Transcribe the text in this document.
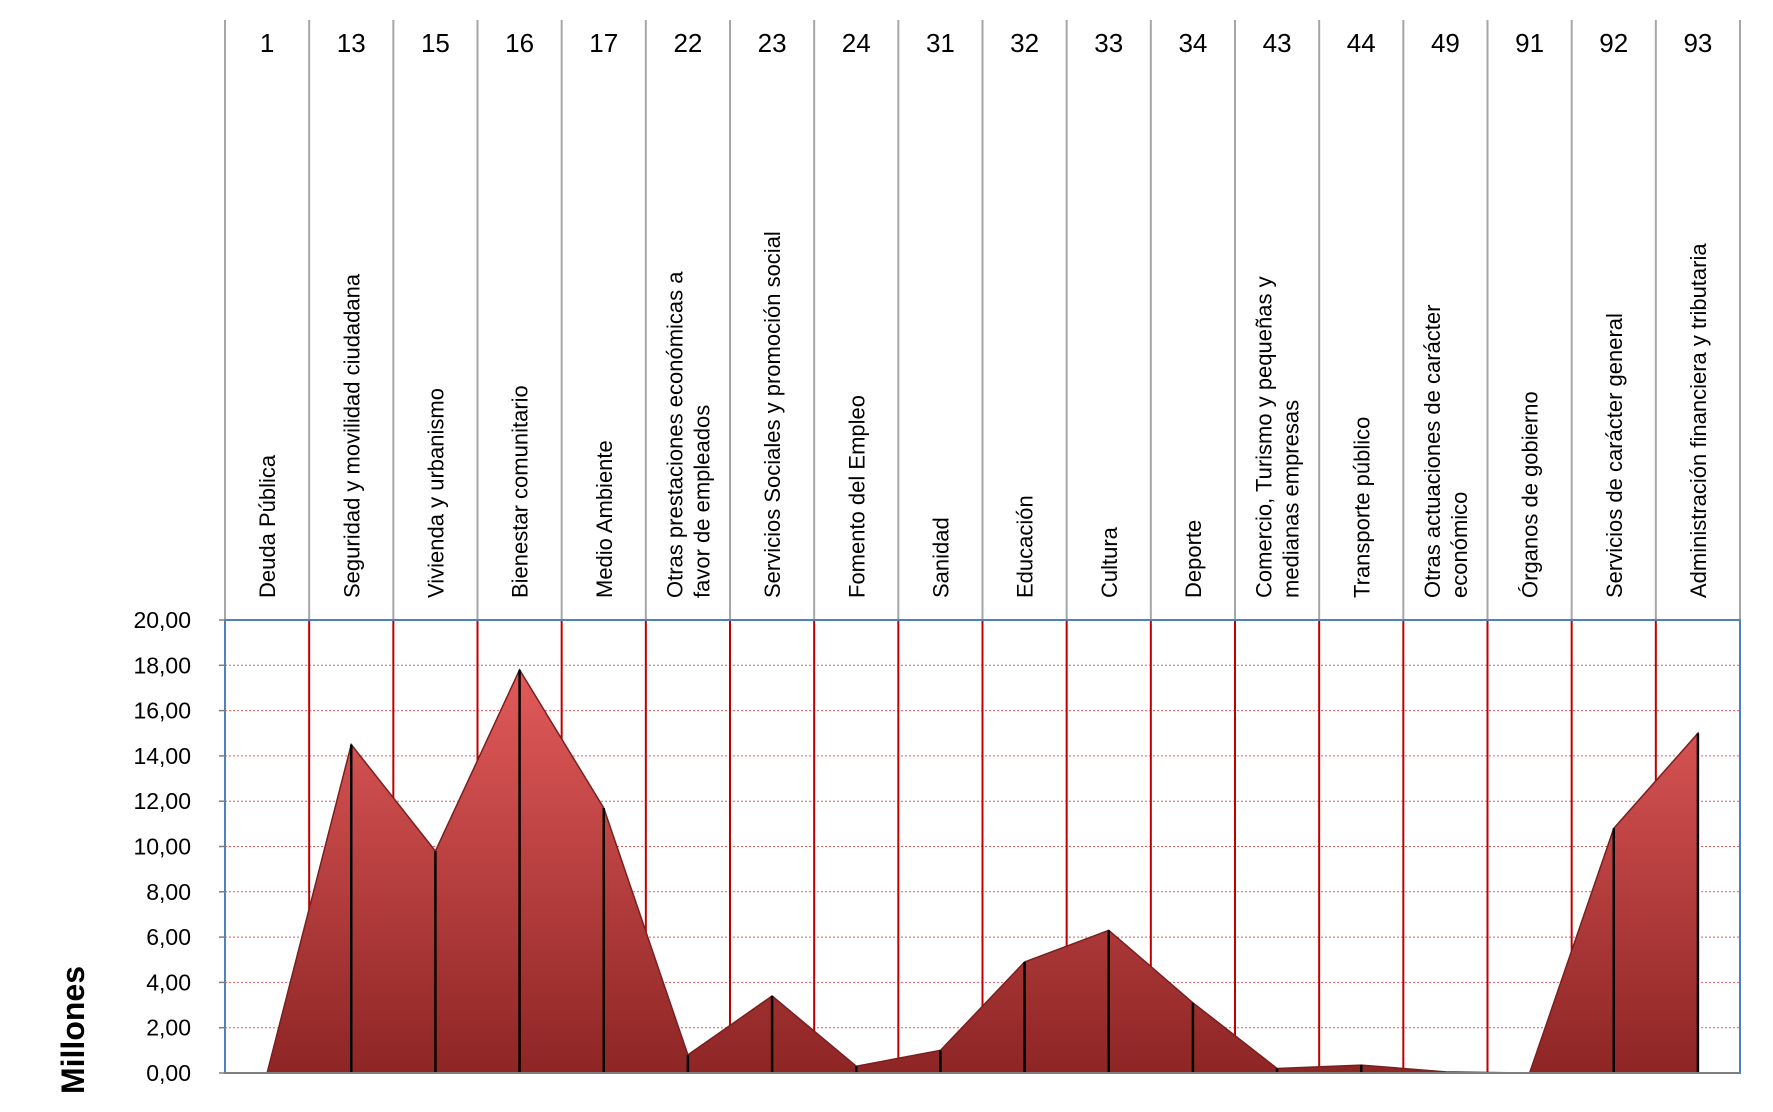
1
Deuda Pública
13
Seguridad y movilidad ciudadana
15
Vivienda y urbanismo
16
Bienestar comunitario
17
Medio Ambiente
22
Otras prestaciones económicas a favor de empleados
23
Servicios Sociales y promoción social
24
Fomento del Empleo
31
Sanidad
32
Educación
33
Cultura
34
Deporte
43
Comercio, Turismo y pequeñas y medianas empresas
44
Transporte público
49
Otras actuaciones de carácter económico
91
Órganos de gobierno
92
Servicios de carácter general
93
Administración financiera y tributaria
0,00
2,00
4,00
6,00
8,00
10,00
12,00
14,00
16,00
18,00
20,00
Millones
